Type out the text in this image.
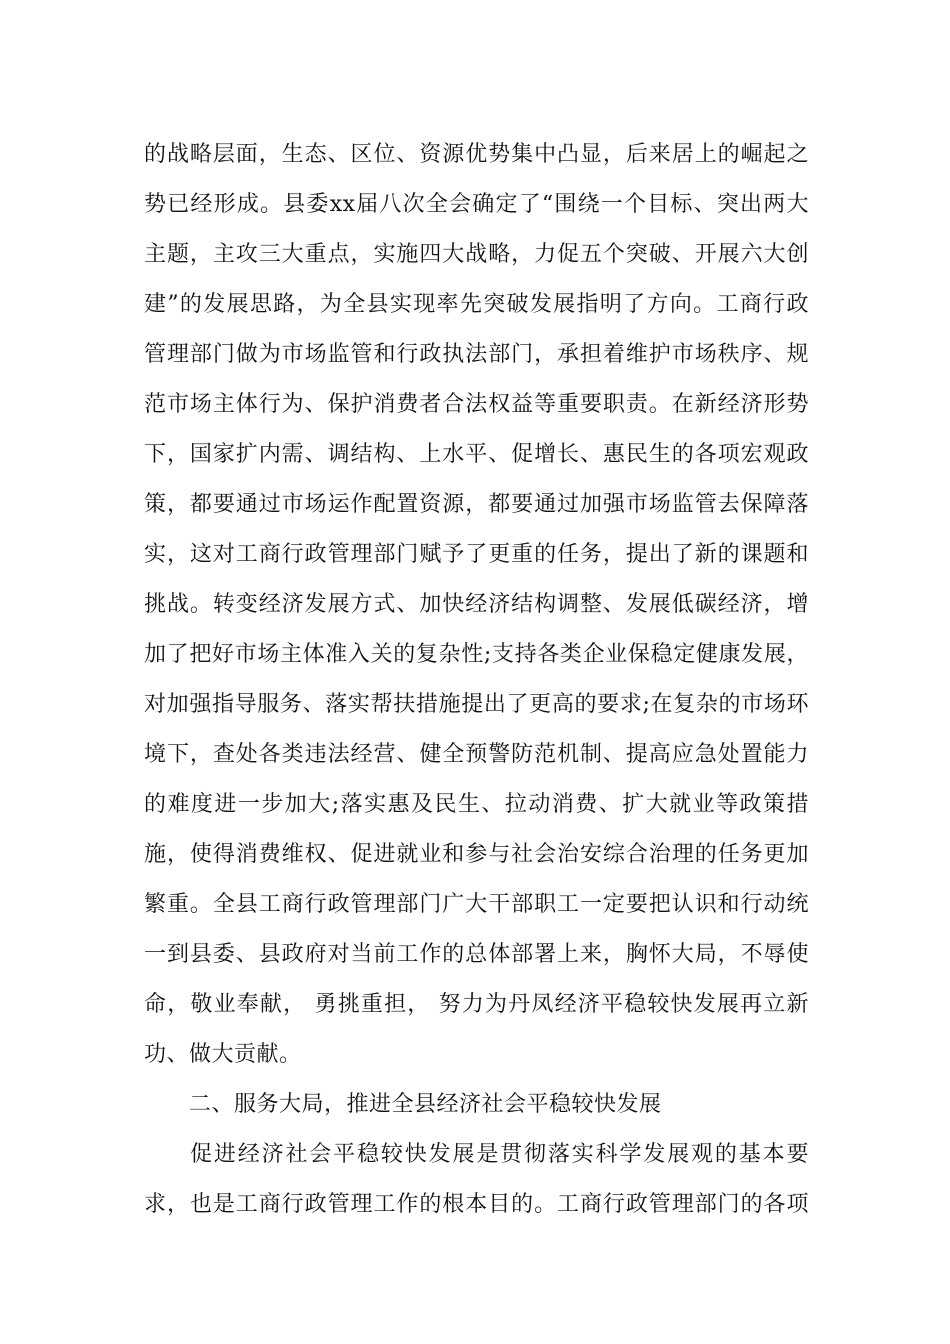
的战略层面，生态、区位、资源优势集中凸显，后来居上的崛起之
势已经形成。县委xx届八次全会确定了“围绕一个目标、突出两大
主题，主攻三大重点，实施四大战略，力促五个突破、开展六大创
建”的发展思路，为全县实现率先突破发展指明了方向。工商行政
管理部门做为市场监管和行政执法部门，承担着维护市场秩序、规
范市场主体行为、保护消费者合法权益等重要职责。在新经济形势
下，国家扩内需、调结构、上水平、促增长、惠民生的各项宏观政
策，都要通过市场运作配置资源，都要通过加强市场监管去保障落
实，这对工商行政管理部门赋予了更重的任务，提出了新的课题和
挑战。转变经济发展方式、加快经济结构调整、发展低碳经济，增
加了把好市场主体准入关的复杂性;支持各类企业保稳定健康发展，
对加强指导服务、落实帮扶措施提出了更高的要求;在复杂的市场环
境下，查处各类违法经营、健全预警防范机制、提高应急处置能力
的难度进一步加大;落实惠及民生、拉动消费、扩大就业等政策措
施，使得消费维权、促进就业和参与社会治安综合治理的任务更加
繁重。全县工商行政管理部门广大干部职工一定要把认识和行动统
一到县委、县政府对当前工作的总体部署上来，胸怀大局，不辱使
命，敬业奉献， 勇挑重担， 努力为丹凤经济平稳较快发展再立新
功、做大贡献。
二、服务大局，推进全县经济社会平稳较快发展
促进经济社会平稳较快发展是贯彻落实科学发展观的基本要
求，也是工商行政管理工作的根本目的。工商行政管理部门的各项
